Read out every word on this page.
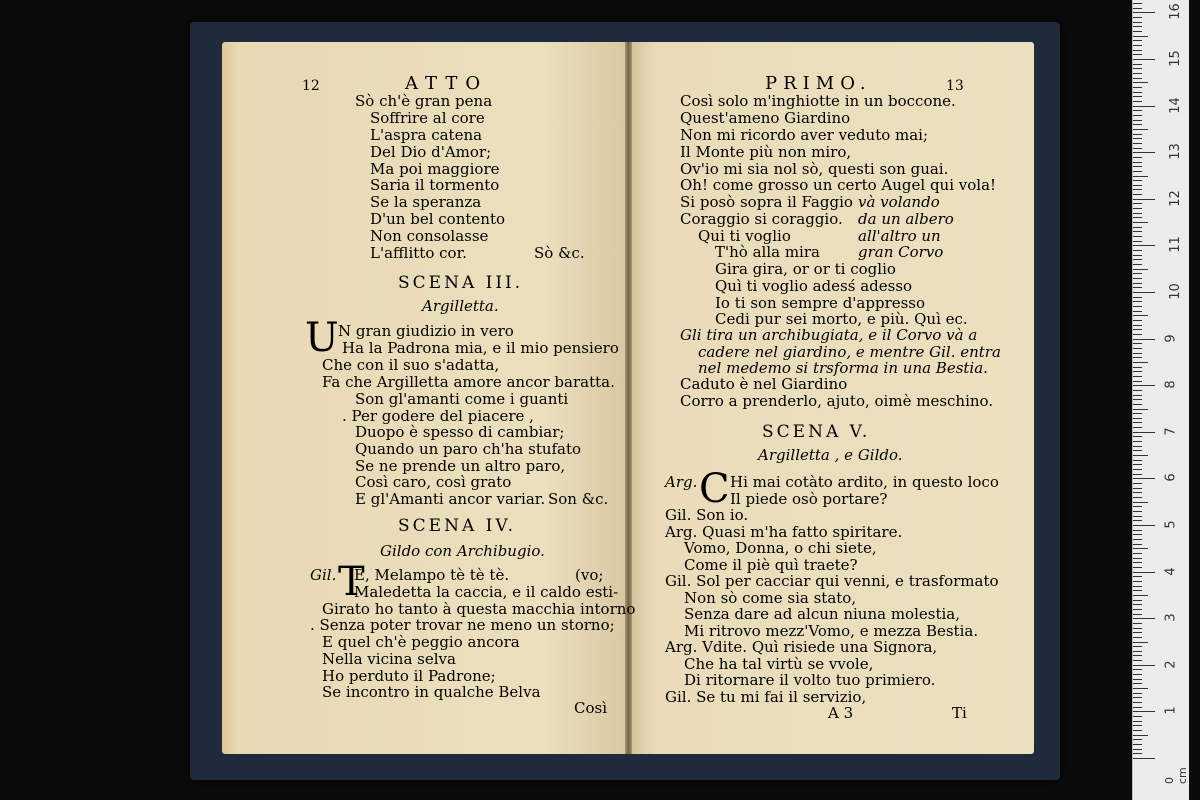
Sò ch'è gran pena
Soffrire al core
L'aspra catena
Del Dio d'Amor;
Ma poi maggiore
Saria il tormento
Se la speranza
D'un bel contento
Non consolasse
L'afflitto cor.	Sò &c.
SCENA III.
Argilletta.
N gran giudizio in vero
Ha la Padrona mia, e il mio pensiero
Che con il suo s'adatta,
Fa che Argilletta amore ancor baratta.
Son gl'amanti come i guanti
. Per godere del piacere ,
Duopo è spesso di cambiar;
Quando un paro ch'ha stufato
Se ne prende un altro paro,
Così caro, così grato
E gl'Amanti ancor variar. Son &c.
SCENA IV.
Gildo con Archibugio.
Gil. E, Melampo tè tè tè.	(vo;
Maledetta la caccia, e il caldo esti-
Girato ho tanto à questa macchia intorno
. Senza poter trovar ne meno un storno;
E quel ch'è peggio ancora
Nella vicina selva
Ho perduto il Padrone;
Se incontro in qualche Belva
Così
U
T
Così solo m'inghiotte in un boccone.
Quest'ameno Giardino
Non mi ricordo aver veduto mai;
Il Monte più non miro,
Ov'io mi sia nol sò, questi son guai.
Oh! come grosso un certo Augel qui vola!
Si posò sopra il Faggio và volando
Coraggio si coraggio. da un albero
Qui ti voglio	all'altro un
T'hò alla mira	gran Corvo
Gira gira, or or ti coglio
Quì ti voglio adesś adesso
Io ti son sempre d'appresso
Cedi pur sei morto, e più. Quì ec.
Gli tira un archibugiata, e il Corvo và a
cadere nel giardino, e mentre Gil. entra
nel medemo si trsforma in una Bestia.
Caduto è nel Giardino
Corro a prenderlo, ajuto, oimè meschino.
SCENA V.
Argilletta , e Gildo.
Arg. Hi mai cotàto ardito, in questo loco
Il piede osò portare?
Gil. Son io.
Arg. Quasi m'ha fatto spiritare.
Vomo, Donna, o chi siete,
Come il piè quì traete?
Gil. Sol per cacciar qui venni, e trasformato
Non sò come sia stato,
Senza dare ad alcun niuna molestia,
Mi ritrovo mezz'Vomo, e mezza Bestia.
Arg. Vdite. Quì risiede una Signora,
Che ha tal virtù se vvole,
Di ritornare il volto tuo primiero.
Gil. Se tu mi fai il servizio,
Ti
C
12	ATTO	PRIMO.	13
A 3	1
2
3
4
5
6
7
8
9
10
11
12
13
14
15
16
0 cm
